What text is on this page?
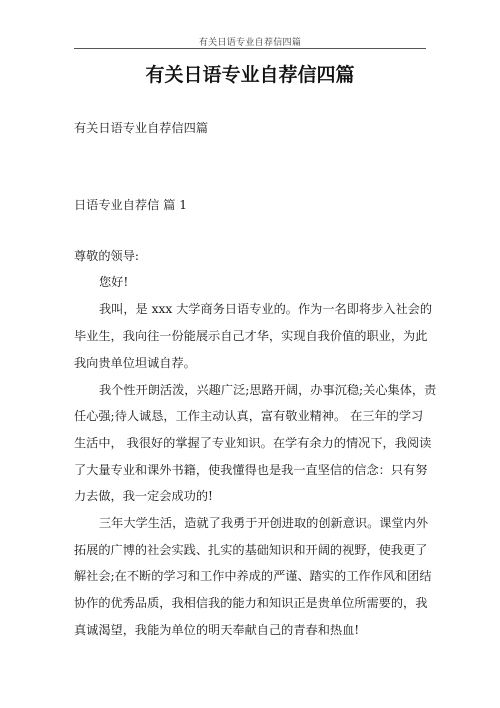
有关日语专业自荐信四篇
有关日语专业自荐信四篇
有关日语专业自荐信四篇
日语专业自荐信 篇 1
尊敬的领导:
您好!
我叫，是 xxx 大学商务日语专业的。作为一名即将步入社会的
毕业生，我向往一份能展示自己才华，实现自我价值的职业，为此
我向贵单位坦诚自荐。
我个性开朗活泼，兴趣广泛;思路开阔，办事沉稳;关心集体，责
任心强;待人诚恳，工作主动认真，富有敬业精神。 在三年的学习
生活中， 我很好的掌握了专业知识。在学有余力的情况下，我阅读
了大量专业和课外书籍，使我懂得也是我一直坚信的信念：只有努
力去做，我一定会成功的!
三年大学生活，造就了我勇于开创进取的创新意识。课堂内外
拓展的广博的社会实践、扎实的基础知识和开阔的视野，使我更了
解社会;在不断的学习和工作中养成的严谨、踏实的工作作风和团结
协作的优秀品质，我相信我的能力和知识正是贵单位所需要的，我
真诚渴望，我能为单位的明天奉献自己的青春和热血!
